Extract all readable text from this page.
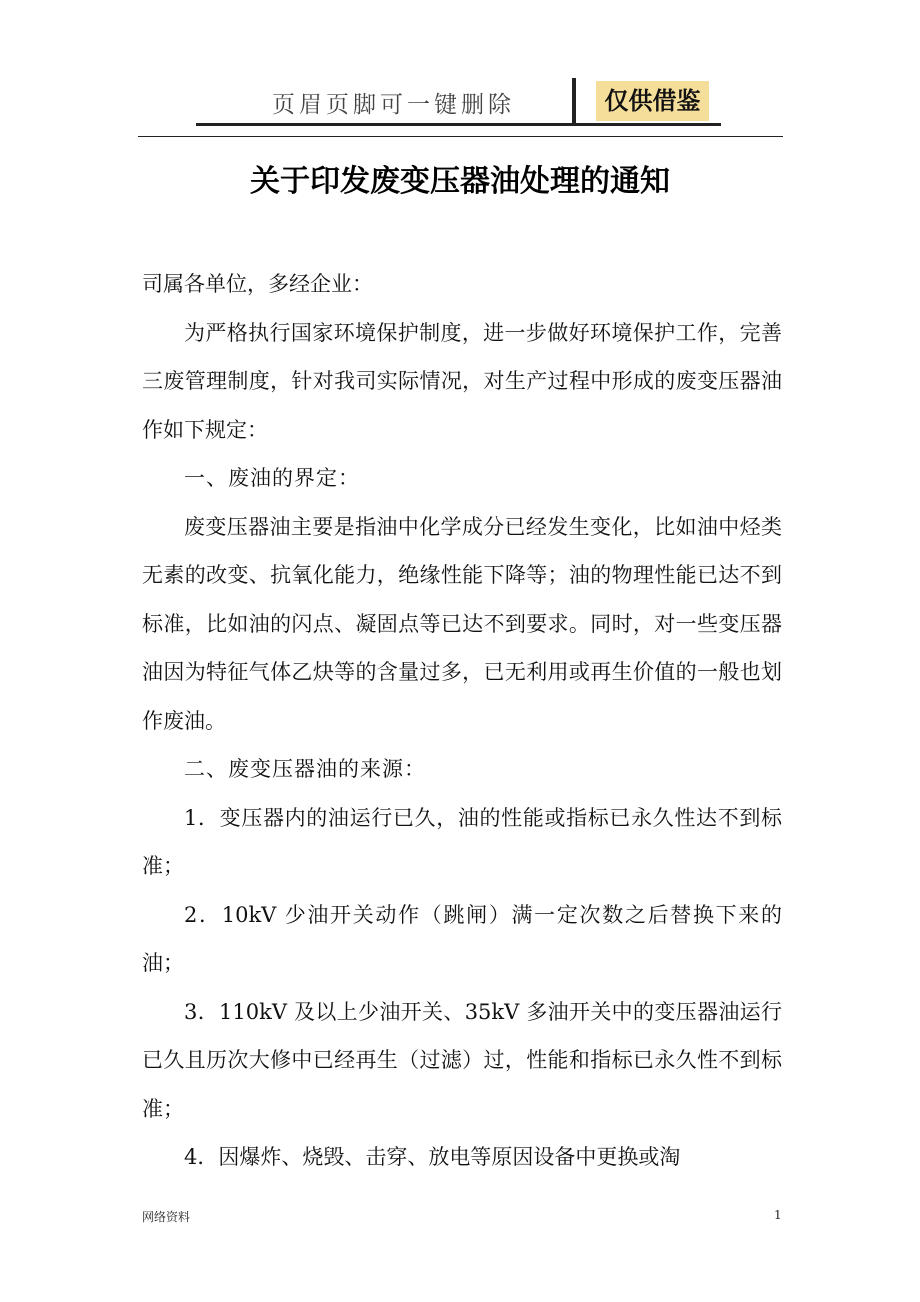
页眉页脚可一键删除	仅供借鉴
关于印发废变压器油处理的通知

司属各单位，多经企业：

为严格执行国家环境保护制度，进一步做好环境保护工作，完善三废管理制度，针对我司实际情况，对生产过程中形成的废变压器油作如下规定：

一、废油的界定：

废变压器油主要是指油中化学成分已经发生变化，比如油中烃类无素的改变、抗氧化能力，绝缘性能下降等；油的物理性能已达不到标准，比如油的闪点、凝固点等已达不到要求。同时，对一些变压器油因为特征气体乙炔等的含量过多，已无利用或再生价值的一般也划作废油。

二、废变压器油的来源：

1．变压器内的油运行已久，油的性能或指标已永久性达不到标准；

2．10kV 少油开关动作（跳闸）满一定次数之后替换下来的油；

3．110kV 及以上少油开关、35kV 多油开关中的变压器油运行已久且历次大修中已经再生（过滤）过，性能和指标已永久性不到标准；

4．因爆炸、烧毁、击穿、放电等原因设备中更换或淘

网络资料	1
